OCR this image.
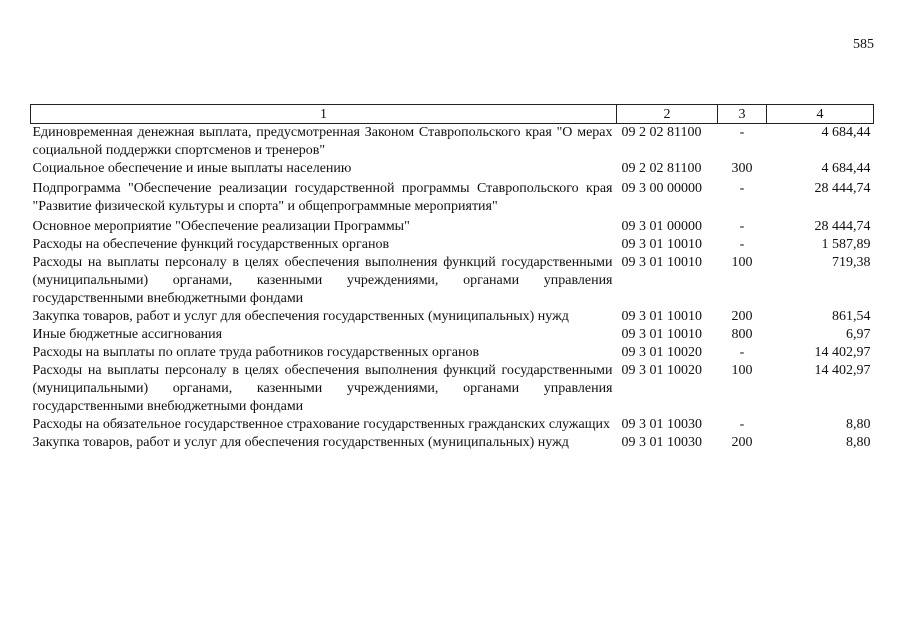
585
1	2	3	4
Единовременная денежная выплата, предусмотренная Законом Ставропольского края "О мерах социальной поддержки спортсменов и тренеров"	09 2 02 81100	-	4 684,44
Социальное обеспечение и иные выплаты населению	09 2 02 81100	300	4 684,44
Подпрограмма "Обеспечение реализации государственной программы Ставропольского края "Развитие физической культуры и спорта" и общепрограммные мероприятия"	09 3 00 00000	-	28 444,74
Основное мероприятие "Обеспечение реализации Программы"	09 3 01 00000	-	28 444,74
Расходы на обеспечение функций государственных органов	09 3 01 10010	-	1 587,89
Расходы на выплаты персоналу в целях обеспечения выполнения функций государственными (муниципальными) органами, казенными учреждениями, органами управления государственными внебюджетными фондами	09 3 01 10010	100	719,38
Закупка товаров, работ и услуг для обеспечения государственных (муниципальных) нужд	09 3 01 10010	200	861,54
Иные бюджетные ассигнования	09 3 01 10010	800	6,97
Расходы на выплаты по оплате труда работников государственных органов	09 3 01 10020	-	14 402,97
Расходы на выплаты персоналу в целях обеспечения выполнения функций государственными (муниципальными) органами, казенными учреждениями, органами управления государственными внебюджетными фондами	09 3 01 10020	100	14 402,97
Расходы на обязательное государственное страхование государственных гражданских служащих	09 3 01 10030	-	8,80
Закупка товаров, работ и услуг для обеспечения государственных (муниципальных) нужд	09 3 01 10030	200	8,80
